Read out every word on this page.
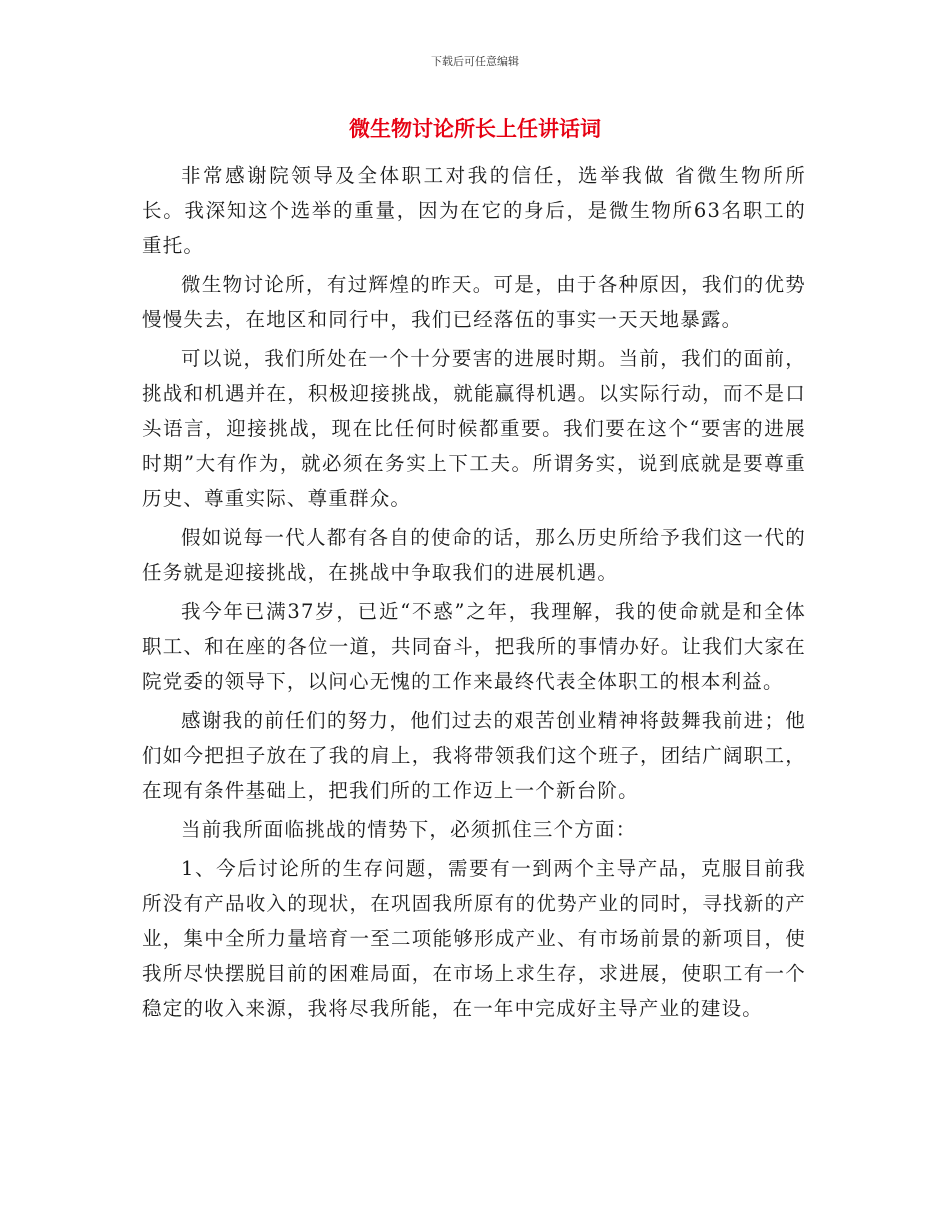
下载后可任意编辑
微生物讨论所长上任讲话词

非常感谢院领导及全体职工对我的信任，选举我做 省微生物所所长。我深知这个选举的重量，因为在它的身后，是微生物所63名职工的重托。

微生物讨论所，有过辉煌的昨天。可是，由于各种原因，我们的优势慢慢失去，在地区和同行中，我们已经落伍的事实一天天地暴露。

可以说，我们所处在一个十分要害的进展时期。当前，我们的面前，挑战和机遇并在，积极迎接挑战，就能赢得机遇。以实际行动，而不是口头语言，迎接挑战，现在比任何时候都重要。我们要在这个“要害的进展时期”大有作为，就必须在务实上下工夫。所谓务实，说到底就是要尊重历史、尊重实际、尊重群众。

假如说每一代人都有各自的使命的话，那么历史所给予我们这一代的任务就是迎接挑战，在挑战中争取我们的进展机遇。

我今年已满37岁，已近“不惑”之年，我理解，我的使命就是和全体职工、和在座的各位一道，共同奋斗，把我所的事情办好。让我们大家在院党委的领导下，以问心无愧的工作来最终代表全体职工的根本利益。

感谢我的前任们的努力，他们过去的艰苦创业精神将鼓舞我前进；他们如今把担子放在了我的肩上，我将带领我们这个班子，团结广阔职工，在现有条件基础上，把我们所的工作迈上一个新台阶。

当前我所面临挑战的情势下，必须抓住三个方面：

1、今后讨论所的生存问题，需要有一到两个主导产品，克服目前我所没有产品收入的现状，在巩固我所原有的优势产业的同时，寻找新的产业，集中全所力量培育一至二项能够形成产业、有市场前景的新项目，使我所尽快摆脱目前的困难局面，在市场上求生存，求进展，使职工有一个稳定的收入来源，我将尽我所能，在一年中完成好主导产业的建设。
